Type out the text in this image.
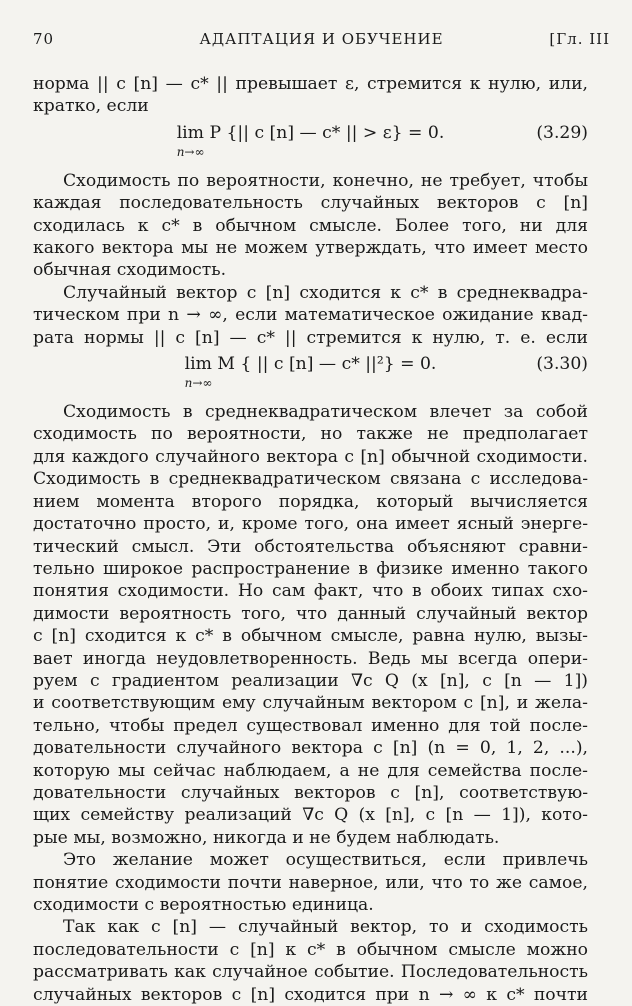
70	АДАПТАЦИЯ И ОБУЧЕНИЕ	[Гл. III

норма || c [n] — c* || превышает ε, стремится к нулю, или,
кратко, если

lim
n→∞
P {|| c [n] — c* || > ε} = 0.	(3.29)

Сходимость по вероятности, конечно, не требует, чтобы
каждая последовательность случайных векторов c [n]
сходилась к c* в обычном смысле. Более того, ни для
какого вектора мы не можем утверждать, что имеет место
обычная сходимость.

Случайный вектор c [n] сходится к c* в среднеквадра-
тическом при n → ∞, если математическое ожидание квад-
рата нормы || c [n] — c* || стремится к нулю, т. е. если

lim
n→∞
M { || c [n] — c* ||²} = 0.	(3.30)

Сходимость в среднеквадратическом влечет за собой
сходимость по вероятности, но также не предполагает
для каждого случайного вектора c [n] обычной сходимости.
Сходимость в среднеквадратическом связана с исследова-
нием момента второго порядка, который вычисляется
достаточно просто, и, кроме того, она имеет ясный энерге-
тический смысл. Эти обстоятельства объясняют сравни-
тельно широкое распространение в физике именно такого
понятия сходимости. Но сам факт, что в обоих типах схо-
димости вероятность того, что данный случайный вектор
c [n] сходится к c* в обычном смысле, равна нулю, вызы-
вает иногда неудовлетворенность. Ведь мы всегда опери-
руем с градиентом реализации ∇c Q (x [n], c [n — 1])
и соответствующим ему случайным вектором c [n], и жела-
тельно, чтобы предел существовал именно для той после-
довательности случайного вектора c [n] (n = 0, 1, 2, ...),
которую мы сейчас наблюдаем, а не для семейства после-
довательности случайных векторов c [n], соответствую-
щих семейству реализаций ∇c Q (x [n], c [n — 1]), кото-
рые мы, возможно, никогда и не будем наблюдать.

Это желание может осуществиться, если привлечь
понятие сходимости почти наверное, или, что то же самое,
сходимости с вероятностью единица.

Так как c [n] — случайный вектор, то и сходимость
последовательности c [n] к c* в обычном смысле можно
рассматривать как случайное событие. Последовательность
случайных векторов c [n] сходится при n → ∞ к c* почти
